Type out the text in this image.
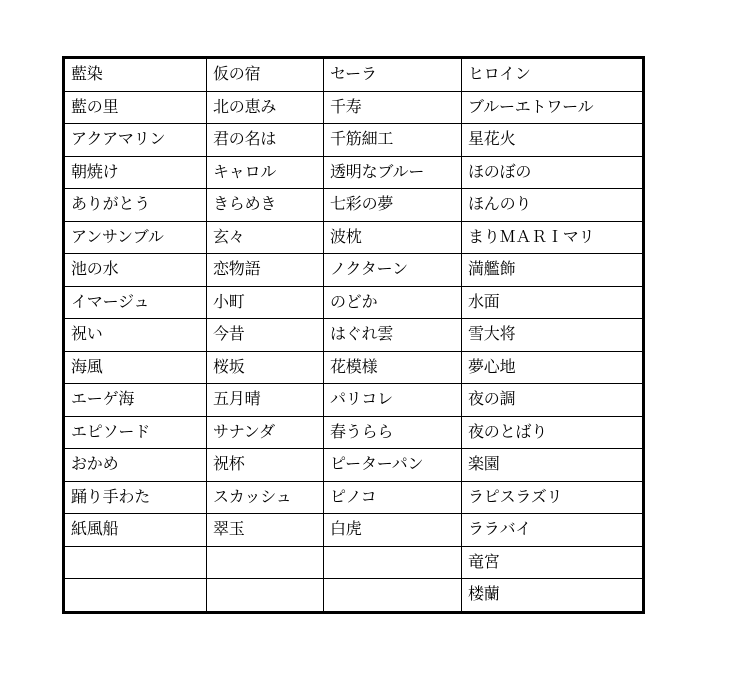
藍染	仮の宿	セーラ	ヒロイン
藍の里	北の恵み	千寿	ブルーエトワール
アクアマリン	君の名は	千筋細工	星花火
朝焼け	キャロル	透明なブルー	ほのぼの
ありがとう	きらめき	七彩の夢	ほんのり
アンサンブル	玄々	波枕	まりＭＡＲＩマリ
池の水	恋物語	ノクターン	満艦飾
イマージュ	小町	のどか	水面
祝い	今昔	はぐれ雲	雪大将
海風	桜坂	花模様	夢心地
エーゲ海	五月晴	パリコレ	夜の調
エピソード	サナンダ	春うらら	夜のとばり
おかめ	祝杯	ピーターパン	楽園
踊り手わた	スカッシュ	ピノコ	ラピスラズリ
紙風船	翠玉	白虎	ララバイ
			竜宮
			楼蘭
